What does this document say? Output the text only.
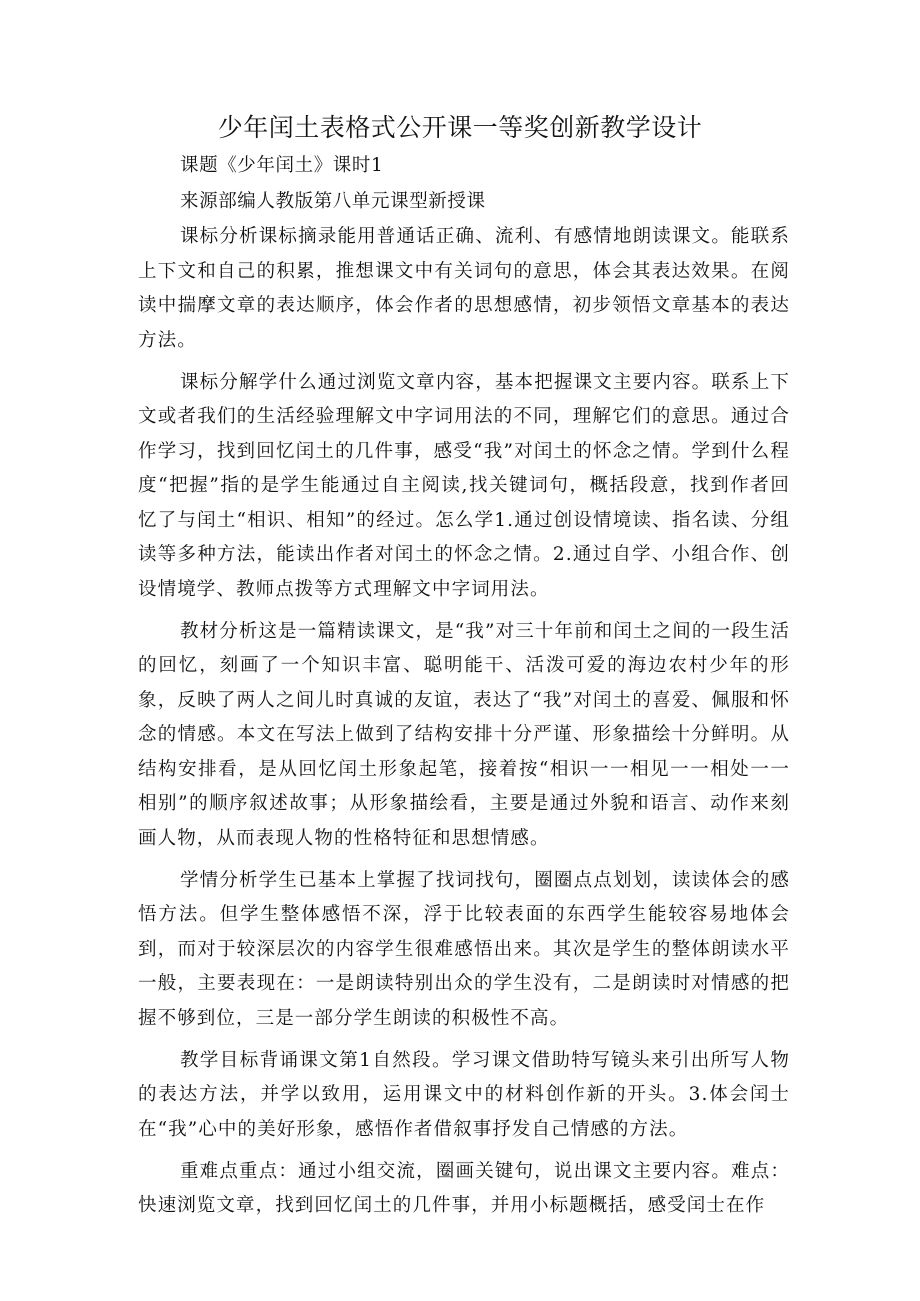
少年闰土表格式公开课一等奖创新教学设计

课题《少年闰土》课时1

来源部编人教版第八单元课型新授课

课标分析课标摘录能用普通话正确、流利、有感情地朗读课文。能联系上下文和自己的积累，推想课文中有关词句的意思，体会其表达效果。在阅读中揣摩文章的表达顺序，体会作者的思想感情，初步领悟文章基本的表达方法。

课标分解学什么通过浏览文章内容，基本把握课文主要内容。联系上下文或者我们的生活经验理解文中字词用法的不同，理解它们的意思。通过合作学习，找到回忆闰土的几件事，感受“我”对闰土的怀念之情。学到什么程度“把握”指的是学生能通过自主阅读,找关键词句，概括段意，找到作者回忆了与闰土“相识、相知”的经过。怎么学1.通过创设情境读、指名读、分组读等多种方法，能读出作者对闰土的怀念之情。2.通过自学、小组合作、创设情境学、教师点拨等方式理解文中字词用法。

教材分析这是一篇精读课文，是“我”对三十年前和闰土之间的一段生活的回忆，刻画了一个知识丰富、聪明能干、活泼可爱的海边农村少年的形象，反映了两人之间儿时真诚的友谊，表达了“我”对闰土的喜爱、佩服和怀念的情感。本文在写法上做到了结构安排十分严谨、形象描绘十分鲜明。从结构安排看，是从回忆闰土形象起笔，接着按“相识一一相见一一相处一一相别”的顺序叙述故事；从形象描绘看，主要是通过外貌和语言、动作来刻画人物，从而表现人物的性格特征和思想情感。

学情分析学生已基本上掌握了找词找句，圈圈点点划划，读读体会的感悟方法。但学生整体感悟不深，浮于比较表面的东西学生能较容易地体会到，而对于较深层次的内容学生很难感悟出来。其次是学生的整体朗读水平一般，主要表现在：一是朗读特别出众的学生没有，二是朗读时对情感的把握不够到位，三是一部分学生朗读的积极性不高。

教学目标背诵课文第1自然段。学习课文借助特写镜头来引出所写人物的表达方法，并学以致用，运用课文中的材料创作新的开头。3.体会闰士在“我”心中的美好形象，感悟作者借叙事抒发自己情感的方法。

重难点重点：通过小组交流，圈画关键句，说出课文主要内容。难点：快速浏览文章，找到回忆闰土的几件事，并用小标题概括，感受闰士在作
